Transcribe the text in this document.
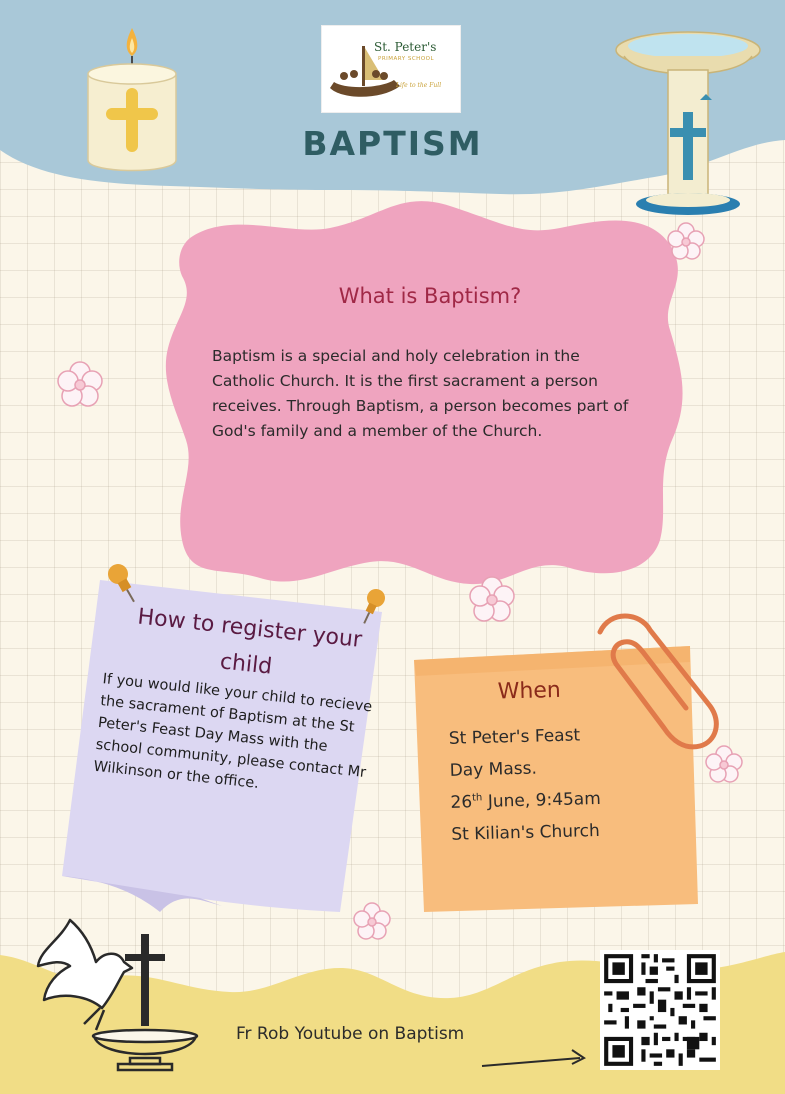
St. Peter's
PRIMARY SCHOOL
Life to the Full
BAPTISM
What is Baptism?

Baptism is a special and holy celebration in the Catholic Church. It is the first sacrament a person receives. Through Baptism, a person becomes part of God's family and a member of the Church.

How to register your child

If you would like your child to recieve the sacrament of Baptism at the St Peter's Feast Day Mass with the school community, please contact Mr Wilkinson or the office.

When
St Peter's Feast
Day Mass.
26th June, 9:45am
St Kilian's Church
Fr Rob Youtube on Baptism
